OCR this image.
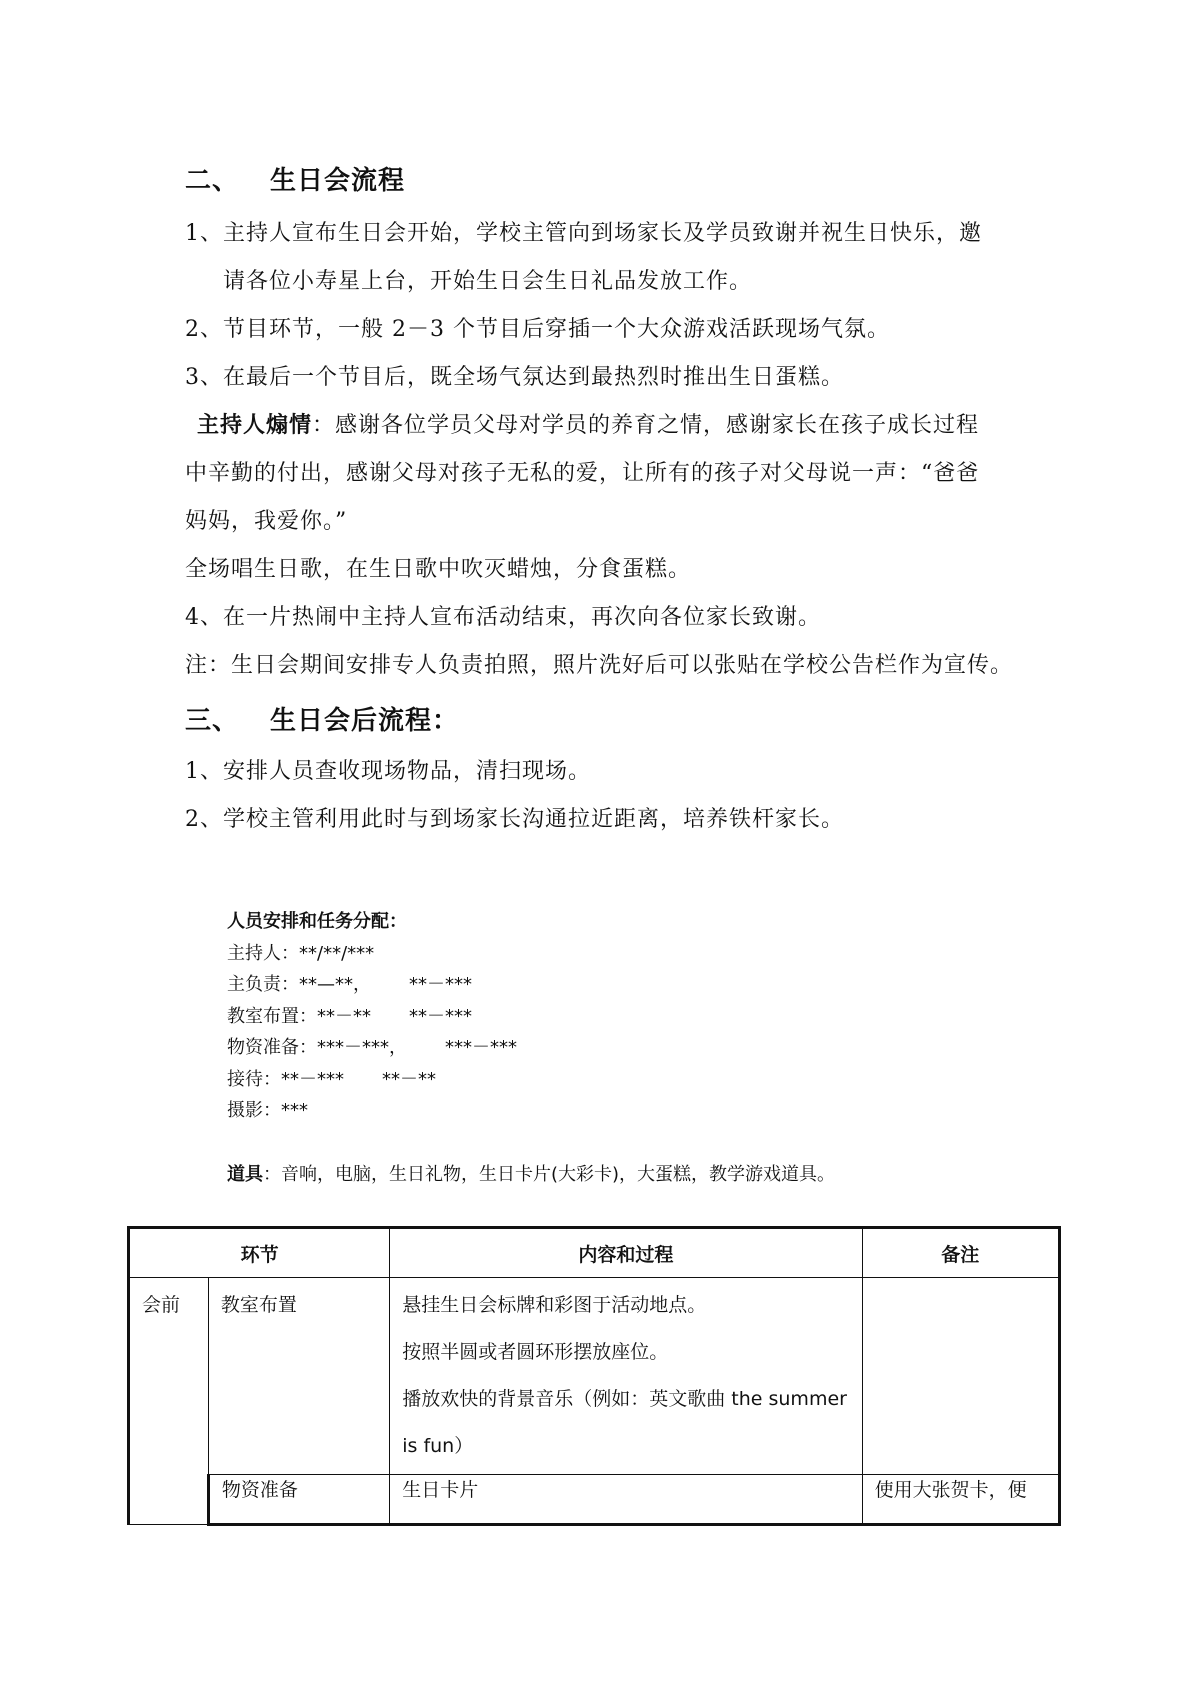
二、 生日会流程
1、主持人宣布生日会开始，学校主管向到场家长及学员致谢并祝生日快乐，邀
请各位小寿星上台，开始生日会生日礼品发放工作。
2、节目环节，一般 2－3 个节目后穿插一个大众游戏活跃现场气氛。
3、在最后一个节目后，既全场气氛达到最热烈时推出生日蛋糕。
主持人煽情：感谢各位学员父母对学员的养育之情，感谢家长在孩子成长过程
中辛勤的付出，感谢父母对孩子无私的爱，让所有的孩子对父母说一声：“爸爸
妈妈，我爱你。”
全场唱生日歌，在生日歌中吹灭蜡烛，分食蛋糕。
4、在一片热闹中主持人宣布活动结束，再次向各位家长致谢。
注：生日会期间安排专人负责拍照，照片洗好后可以张贴在学校公告栏作为宣传。
三、 生日会后流程：
1、安排人员查收现场物品，清扫现场。
2、学校主管利用此时与到场家长沟通拉近距离，培养铁杆家长。
人员安排和任务分配：
主持人：**/**/***
主负责：**—**， **－***
教室布置：**－** **－***
物资准备：***－***， ***－***
接待：**－*** **－**
摄影：***
道具：音响，电脑，生日礼物，生日卡片(大彩卡)，大蛋糕，教学游戏道具。
环节		内容和过程	备注
会前	教室布置	悬挂生日会标牌和彩图于活动地点。
按照半圆或者圆环形摆放座位。
播放欢快的背景音乐（例如：英文歌曲 the summer
is fun）	

	物资准备	生日卡片	使用大张贺卡，便
